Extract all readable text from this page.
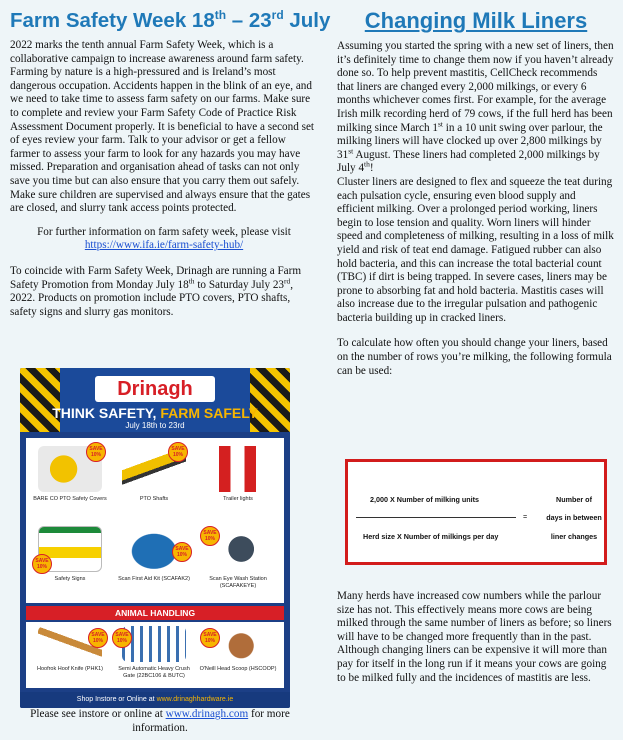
Farm Safety Week 18th – 23rd July

2022 marks the tenth annual Farm Safety Week, which is a collaborative campaign to increase awareness around farm safety. Farming by nature is a high-pressured and is Ireland’s most dangerous occupation. Accidents happen in the blink of an eye, and we need to take time to assess farm safety on our farms. Make sure to complete and review your Farm Safety Code of Practice Risk Assessment Document properly. It is beneficial to have a second set of eyes review your farm. Talk to your advisor or get a fellow farmer to assess your farm to look for any hazards you may have missed. Preparation and organisation ahead of tasks can not only save you time but can also ensure that you carry them out safely. Make sure children are supervised and always ensure that the gates are closed, and slurry tank access points protected.

For further information on farm safety week, please visit
https://www.ifa.ie/farm-safety-hub/

To coincide with Farm Safety Week, Drinagh are running a Farm Safety Promotion from Monday July 18th to Saturday July 23rd, 2022. Products on promotion include PTO covers, PTO shafts, safety signs and slurry gas monitors.

Drinagh
THINK SAFETY, FARM SAFELY
July 18th to 23rd
SAVE 10%
BARE CO PTO Safety Covers
SAVE 10%
PTO Shafts	Trailer lights
SAVE 10%
Safety Signs
SAVE 10%
Scan First Aid Kit (SCAFAK2)
SAVE 10%
Scan Eye Wash Station (SCAFAKEYE)
ANIMAL HANDLING
SAVE 10%
Hoofrok Hoof Knife (PHK1)
SAVE 10%
Semi Automatic Heavy Crush Gate (22BC106 & BUTC)
SAVE 10%
O'Neill Head Scoop (HSCOOP)
Shop Instore or Online at www.drinaghhardware.ie

Please see instore or online at www.drinagh.com for more information.

Changing Milk Liners

Assuming you started the spring with a new set of liners, then it’s definitely time to change them now if you haven’t already done so. To help prevent mastitis, CellCheck recommends that liners are changed every 2,000 milkings, or every 6 months whichever comes first. For example, for the average Irish milk recording herd of 79 cows, if the full herd has been milking since March 1st in a 10 unit swing over parlour, the milking liners will have clocked up over 2,800 milkings by 31st August. These liners had completed 2,000 milkings by July 4th!

Cluster liners are designed to flex and squeeze the teat during each pulsation cycle, ensuring even blood supply and efficient milking. Over a prolonged period working, liners begin to lose tension and quality. Worn liners will hinder speed and completeness of milking, resulting in a loss of milk yield and risk of teat end damage. Fatigued rubber can also hold bacteria, and this can increase the total bacterial count (TBC) if dirt is being trapped. In severe cases, liners may be prone to absorbing fat and hold bacteria. Mastitis cases will also increase due to the irregular pulsation and pathogenic bacteria building up in cracked liners.

To calculate how often you should change your liners, based on the number of rows you’re milking, the following formula can be used:

2,000 X Number of milking units
Herd size X Number of milkings per day
=
Number of
days in between
liner changes

Many herds have increased cow numbers while the parlour size has not. This effectively means more cows are being milked through the same number of liners as before; so liners will have to be changed more frequently than in the past. Although changing liners can be expensive it will more than pay for itself in the long run if it means your cows are going to be milked fully and the incidences of mastitis are less.
